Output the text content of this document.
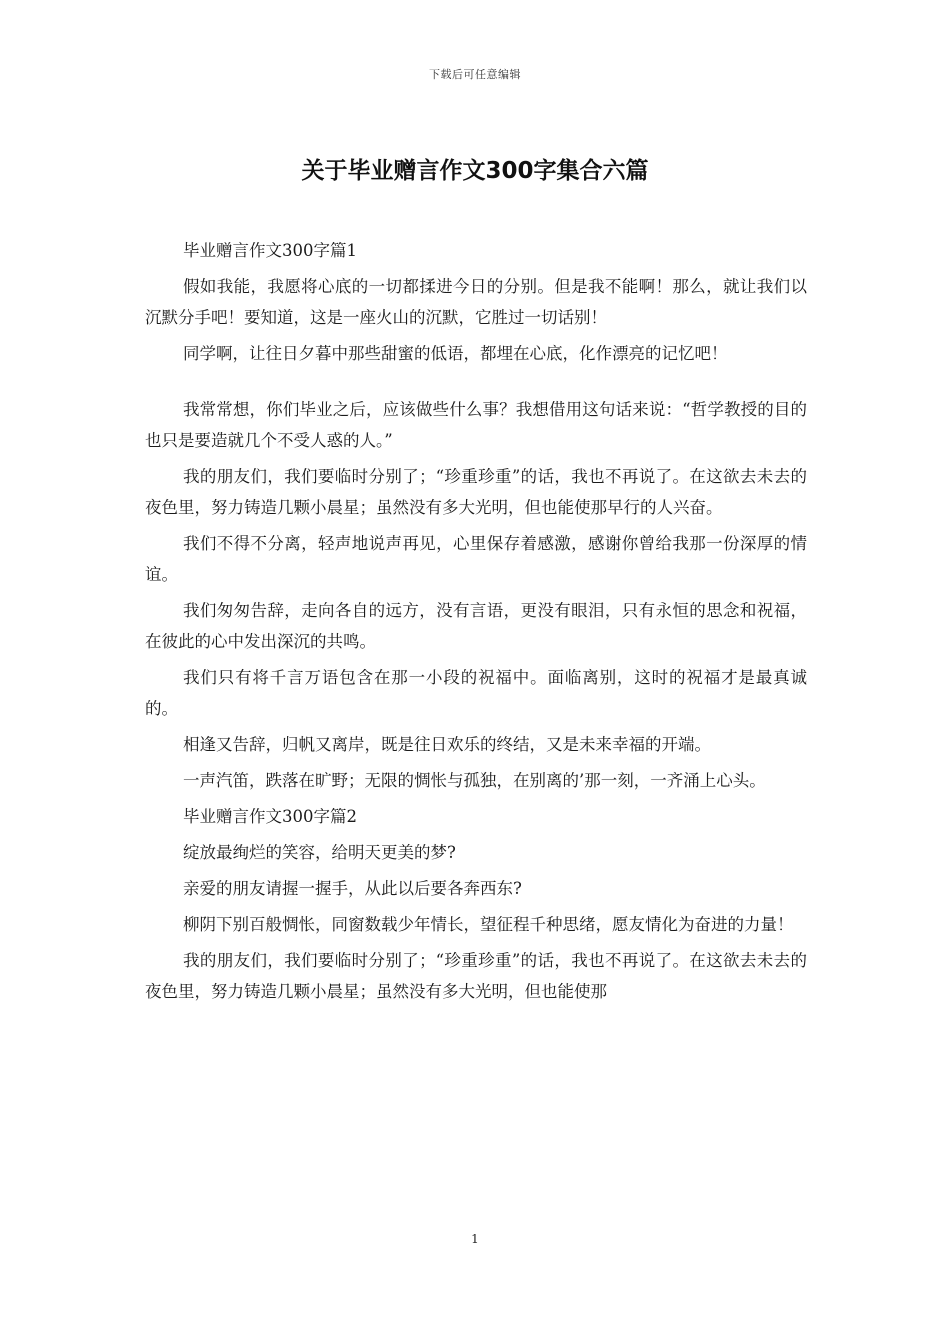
下载后可任意编辑
关于毕业赠言作文300字集合六篇

毕业赠言作文300字篇1

假如我能，我愿将心底的一切都揉进今日的分别。但是我不能啊！那么，就让我们以沉默分手吧！要知道，这是一座火山的沉默，它胜过一切话别！

同学啊，让往日夕暮中那些甜蜜的低语，都埋在心底，化作漂亮的记忆吧！

我常常想，你们毕业之后，应该做些什么事？我想借用这句话来说：“哲学教授的目的也只是要造就几个不受人惑的人。”

我的朋友们，我们要临时分别了；“珍重珍重”的话，我也不再说了。在这欲去未去的夜色里，努力铸造几颗小晨星；虽然没有多大光明，但也能使那早行的人兴奋。

我们不得不分离，轻声地说声再见，心里保存着感激，感谢你曾给我那一份深厚的情谊。

我们匆匆告辞，走向各自的远方，没有言语，更没有眼泪，只有永恒的思念和祝福，在彼此的心中发出深沉的共鸣。

我们只有将千言万语包含在那一小段的祝福中。面临离别，这时的祝福才是最真诚的。

相逢又告辞，归帆又离岸，既是往日欢乐的终结，又是未来幸福的开端。

一声汽笛，跌落在旷野；无限的惆怅与孤独，在别离的’那一刻，一齐涌上心头。

毕业赠言作文300字篇2

绽放最绚烂的笑容，给明天更美的梦?

亲爱的朋友请握一握手，从此以后要各奔西东?

柳阴下别百般惆怅，同窗数载少年情长，望征程千种思绪，愿友情化为奋进的力量！

我的朋友们，我们要临时分别了；“珍重珍重”的话，我也不再说了。在这欲去未去的夜色里，努力铸造几颗小晨星；虽然没有多大光明，但也能使那

1
